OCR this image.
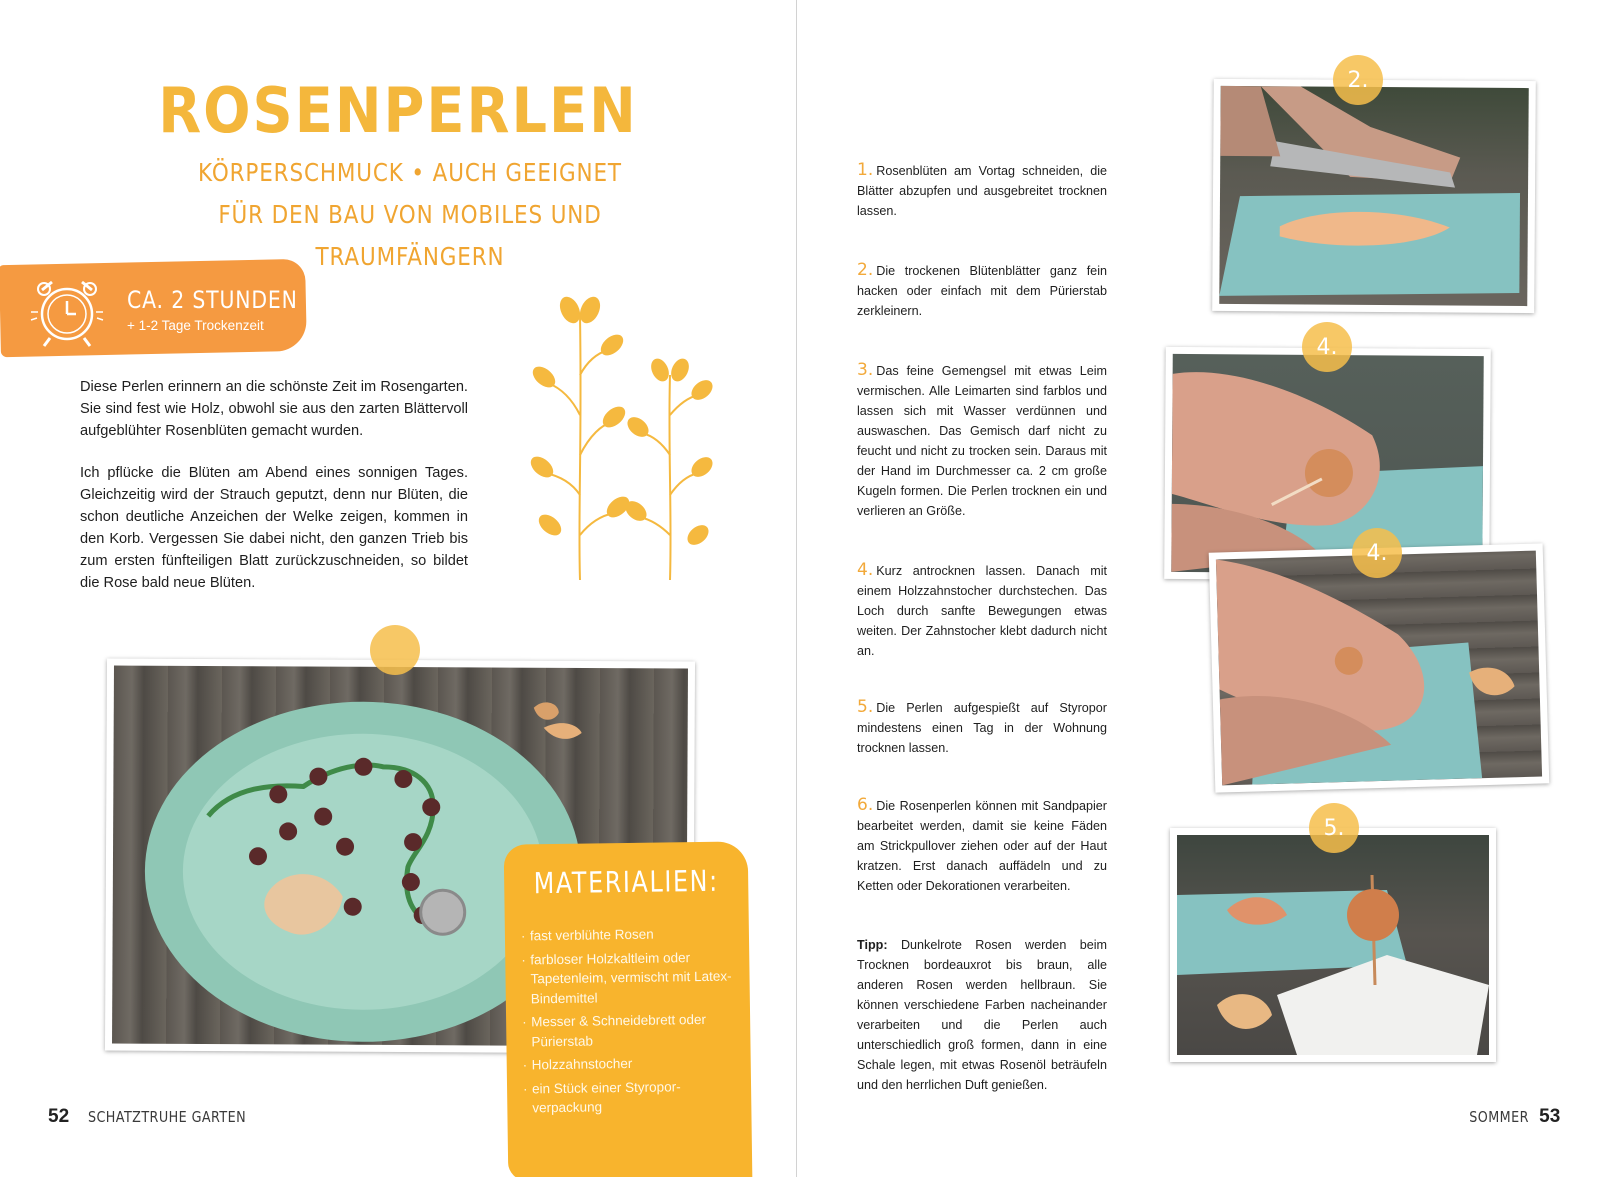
ROSENPERLEN
KÖRPERSCHMUCK • AUCH GEEIGNET FÜR DEN BAU VON MOBILES UND TRAUMFÄNGERN
CA. 2 STUNDEN
+ 1-2 Tage Trockenzeit

Diese Perlen erinnern an die schönste Zeit im Rosengarten. Sie sind fest wie Holz, obwohl sie aus den zarten Blättervoll aufgeblühter Rosenblüten gemacht wurden.

Ich pflücke die Blüten am Abend eines sonnigen Tages. Gleichzeitig wird der Strauch geputzt, denn nur Blüten, die schon deutliche Anzeichen der Welke zeigen, kommen in den Korb. Vergessen Sie dabei nicht, den ganzen Trieb bis zum ersten fünfteiligen Blatt zurückzuschneiden, so bildet die Rose bald neue Blüten.

MATERIALIEN:
· fast verblühte Rosen
· farbloser Holzkaltleim oder Tapetenleim, vermischt mit Latex-Bindemittel
· Messer & Schneidebrett oder Pürierstab
· Holzzahnstocher
· ein Stück einer Styropor-verpackung
52 SCHATZTRUHE GARTEN
1. Rosenblüten am Vortag schneiden, die Blätter abzupfen und ausgebreitet trocknen lassen.
2. Die trockenen Blütenblätter ganz fein hacken oder einfach mit dem Pürierstab zerkleinern.
3. Das feine Gemengsel mit etwas Leim vermischen. Alle Leimarten sind farblos und lassen sich mit Wasser verdünnen und auswaschen. Das Gemisch darf nicht zu feucht und nicht zu trocken sein. Daraus mit der Hand im Durchmesser ca. 2 cm große Kugeln formen. Die Perlen trocknen ein und verlieren an Größe.
4. Kurz antrocknen lassen. Danach mit einem Holzzahnstocher durchstechen. Das Loch durch sanfte Bewegungen etwas weiten. Der Zahnstocher klebt dadurch nicht an.
5. Die Perlen aufgespießt auf Styropor mindestens einen Tag in der Wohnung trocknen lassen.
6. Die Rosenperlen können mit Sandpapier bearbeitet werden, damit sie keine Fäden am Strickpullover ziehen oder auf der Haut kratzen. Erst danach auffädeln und zu Ketten oder Dekorationen verarbeiten.
Tipp: Dunkelrote Rosen werden beim Trocknen bordeauxrot bis braun, alle anderen Rosen werden hellbraun. Sie können verschiedene Farben nacheinander verarbeiten und die Perlen auch unterschiedlich groß formen, dann in eine Schale legen, mit etwas Rosenöl beträufeln und den herrlichen Duft genießen.
2.
4.
4.
5.
SOMMER 53
